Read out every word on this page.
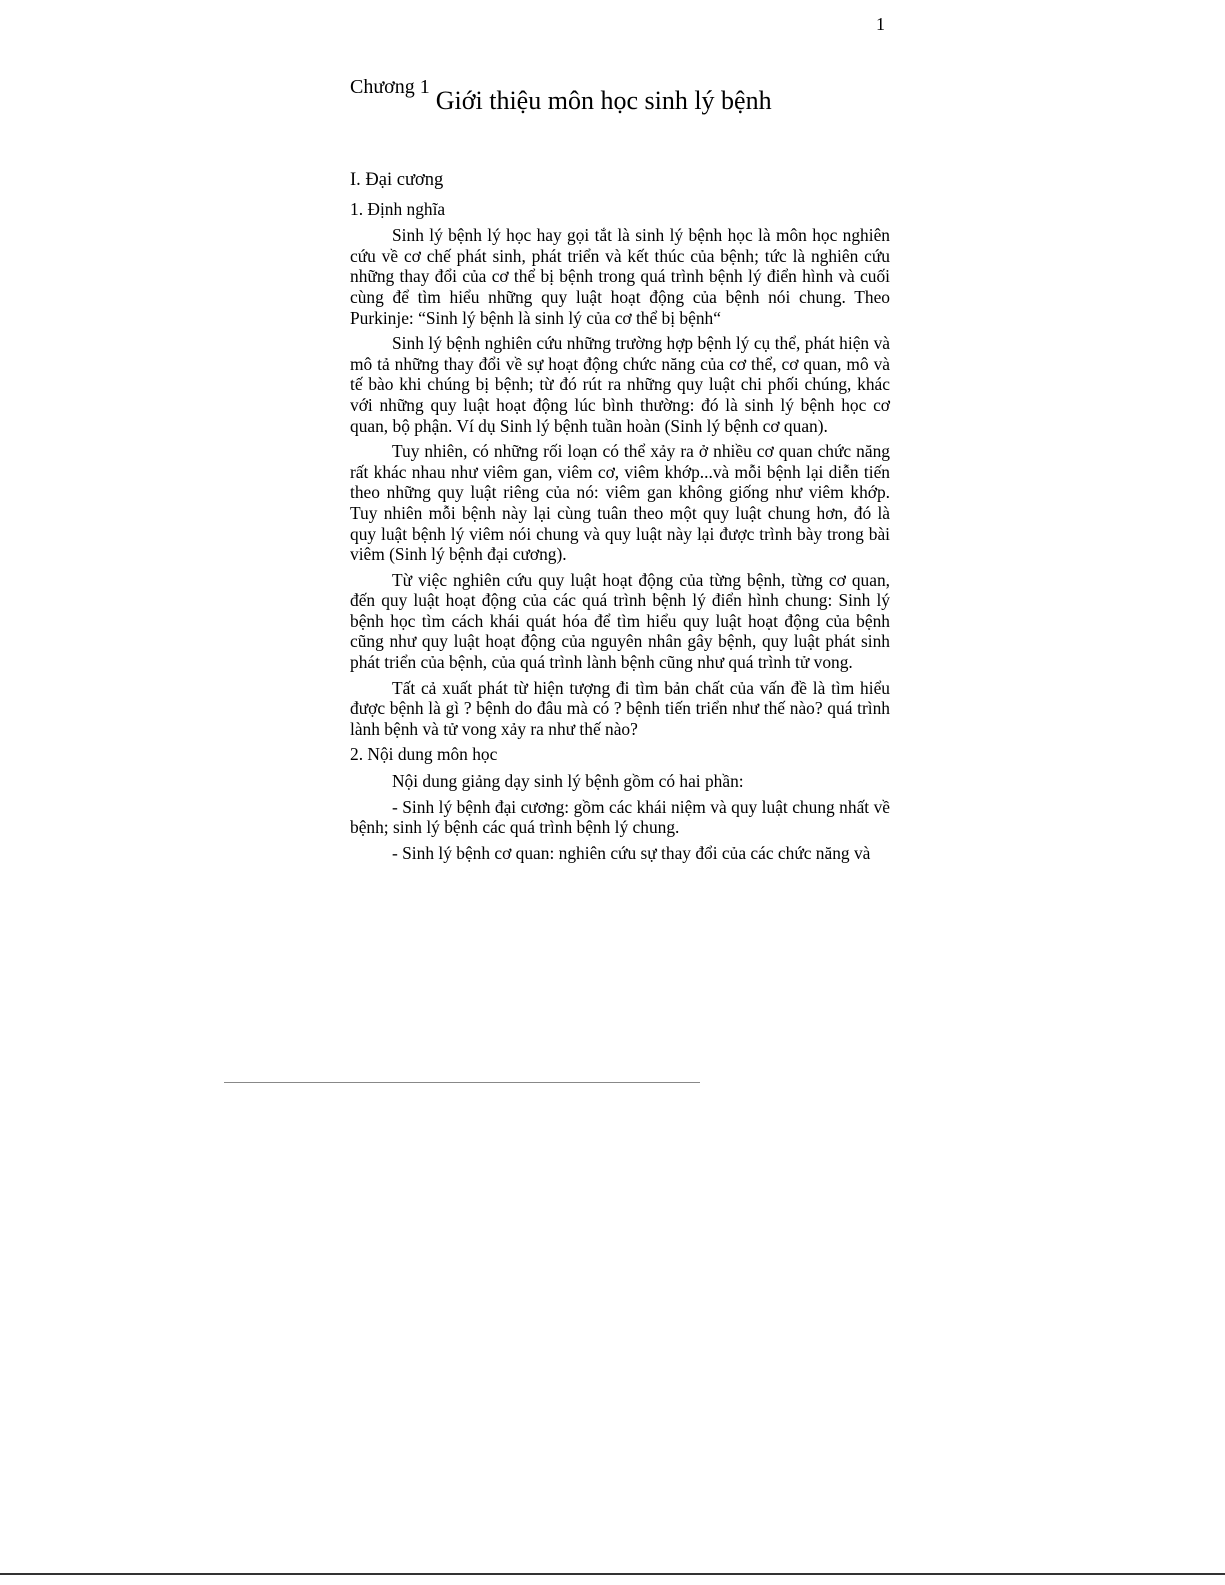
1
Chương 1 Giới thiệu môn học sinh lý bệnh
I. Đại cương
1. Định nghĩa

Sinh lý bệnh lý học hay gọi tắt là sinh lý bệnh học là môn học nghiên cứu về cơ chế phát sinh, phát triển và kết thúc của bệnh; tức là nghiên cứu những thay đổi của cơ thể bị bệnh trong quá trình bệnh lý điển hình và cuối cùng để tìm hiểu những quy luật hoạt động của bệnh nói chung. Theo Purkinje: “Sinh lý bệnh là sinh lý của cơ thể bị bệnh“

Sinh lý bệnh nghiên cứu những trường hợp bệnh lý cụ thể, phát hiện và mô tả những thay đổi về sự hoạt động chức năng của cơ thể, cơ quan, mô và tế bào khi chúng bị bệnh; từ đó rút ra những quy luật chi phối chúng, khác với những quy luật hoạt động lúc bình thường: đó là sinh lý bệnh học cơ quan, bộ phận. Ví dụ Sinh lý bệnh tuần hoàn (Sinh lý bệnh cơ quan).

Tuy nhiên, có những rối loạn có thể xảy ra ở nhiều cơ quan chức năng rất khác nhau như viêm gan, viêm cơ, viêm khớp...và mỗi bệnh lại diễn tiến theo những quy luật riêng của nó: viêm gan không giống như viêm khớp. Tuy nhiên mỗi bệnh này lại cùng tuân theo một quy luật chung hơn, đó là quy luật bệnh lý viêm nói chung và quy luật này lại được trình bày trong bài viêm (Sinh lý bệnh đại cương).

Từ việc nghiên cứu quy luật hoạt động của từng bệnh, từng cơ quan, đến quy luật hoạt động của các quá trình bệnh lý điển hình chung: Sinh lý bệnh học tìm cách khái quát hóa để tìm hiểu quy luật hoạt động của bệnh cũng như quy luật hoạt động của nguyên nhân gây bệnh, quy luật phát sinh phát triển của bệnh, của quá trình lành bệnh cũng như quá trình tử vong.

Tất cả xuất phát từ hiện tượng đi tìm bản chất của vấn đề là tìm hiểu được bệnh là gì ? bệnh do đâu mà có ? bệnh tiến triển như thế nào? quá trình lành bệnh và tử vong xảy ra như thế nào?

2. Nội dung môn học

Nội dung giảng dạy sinh lý bệnh gồm có hai phần:

- Sinh lý bệnh đại cương: gồm các khái niệm và quy luật chung nhất về bệnh; sinh lý bệnh các quá trình bệnh lý chung.

- Sinh lý bệnh cơ quan: nghiên cứu sự thay đổi của các chức năng và
